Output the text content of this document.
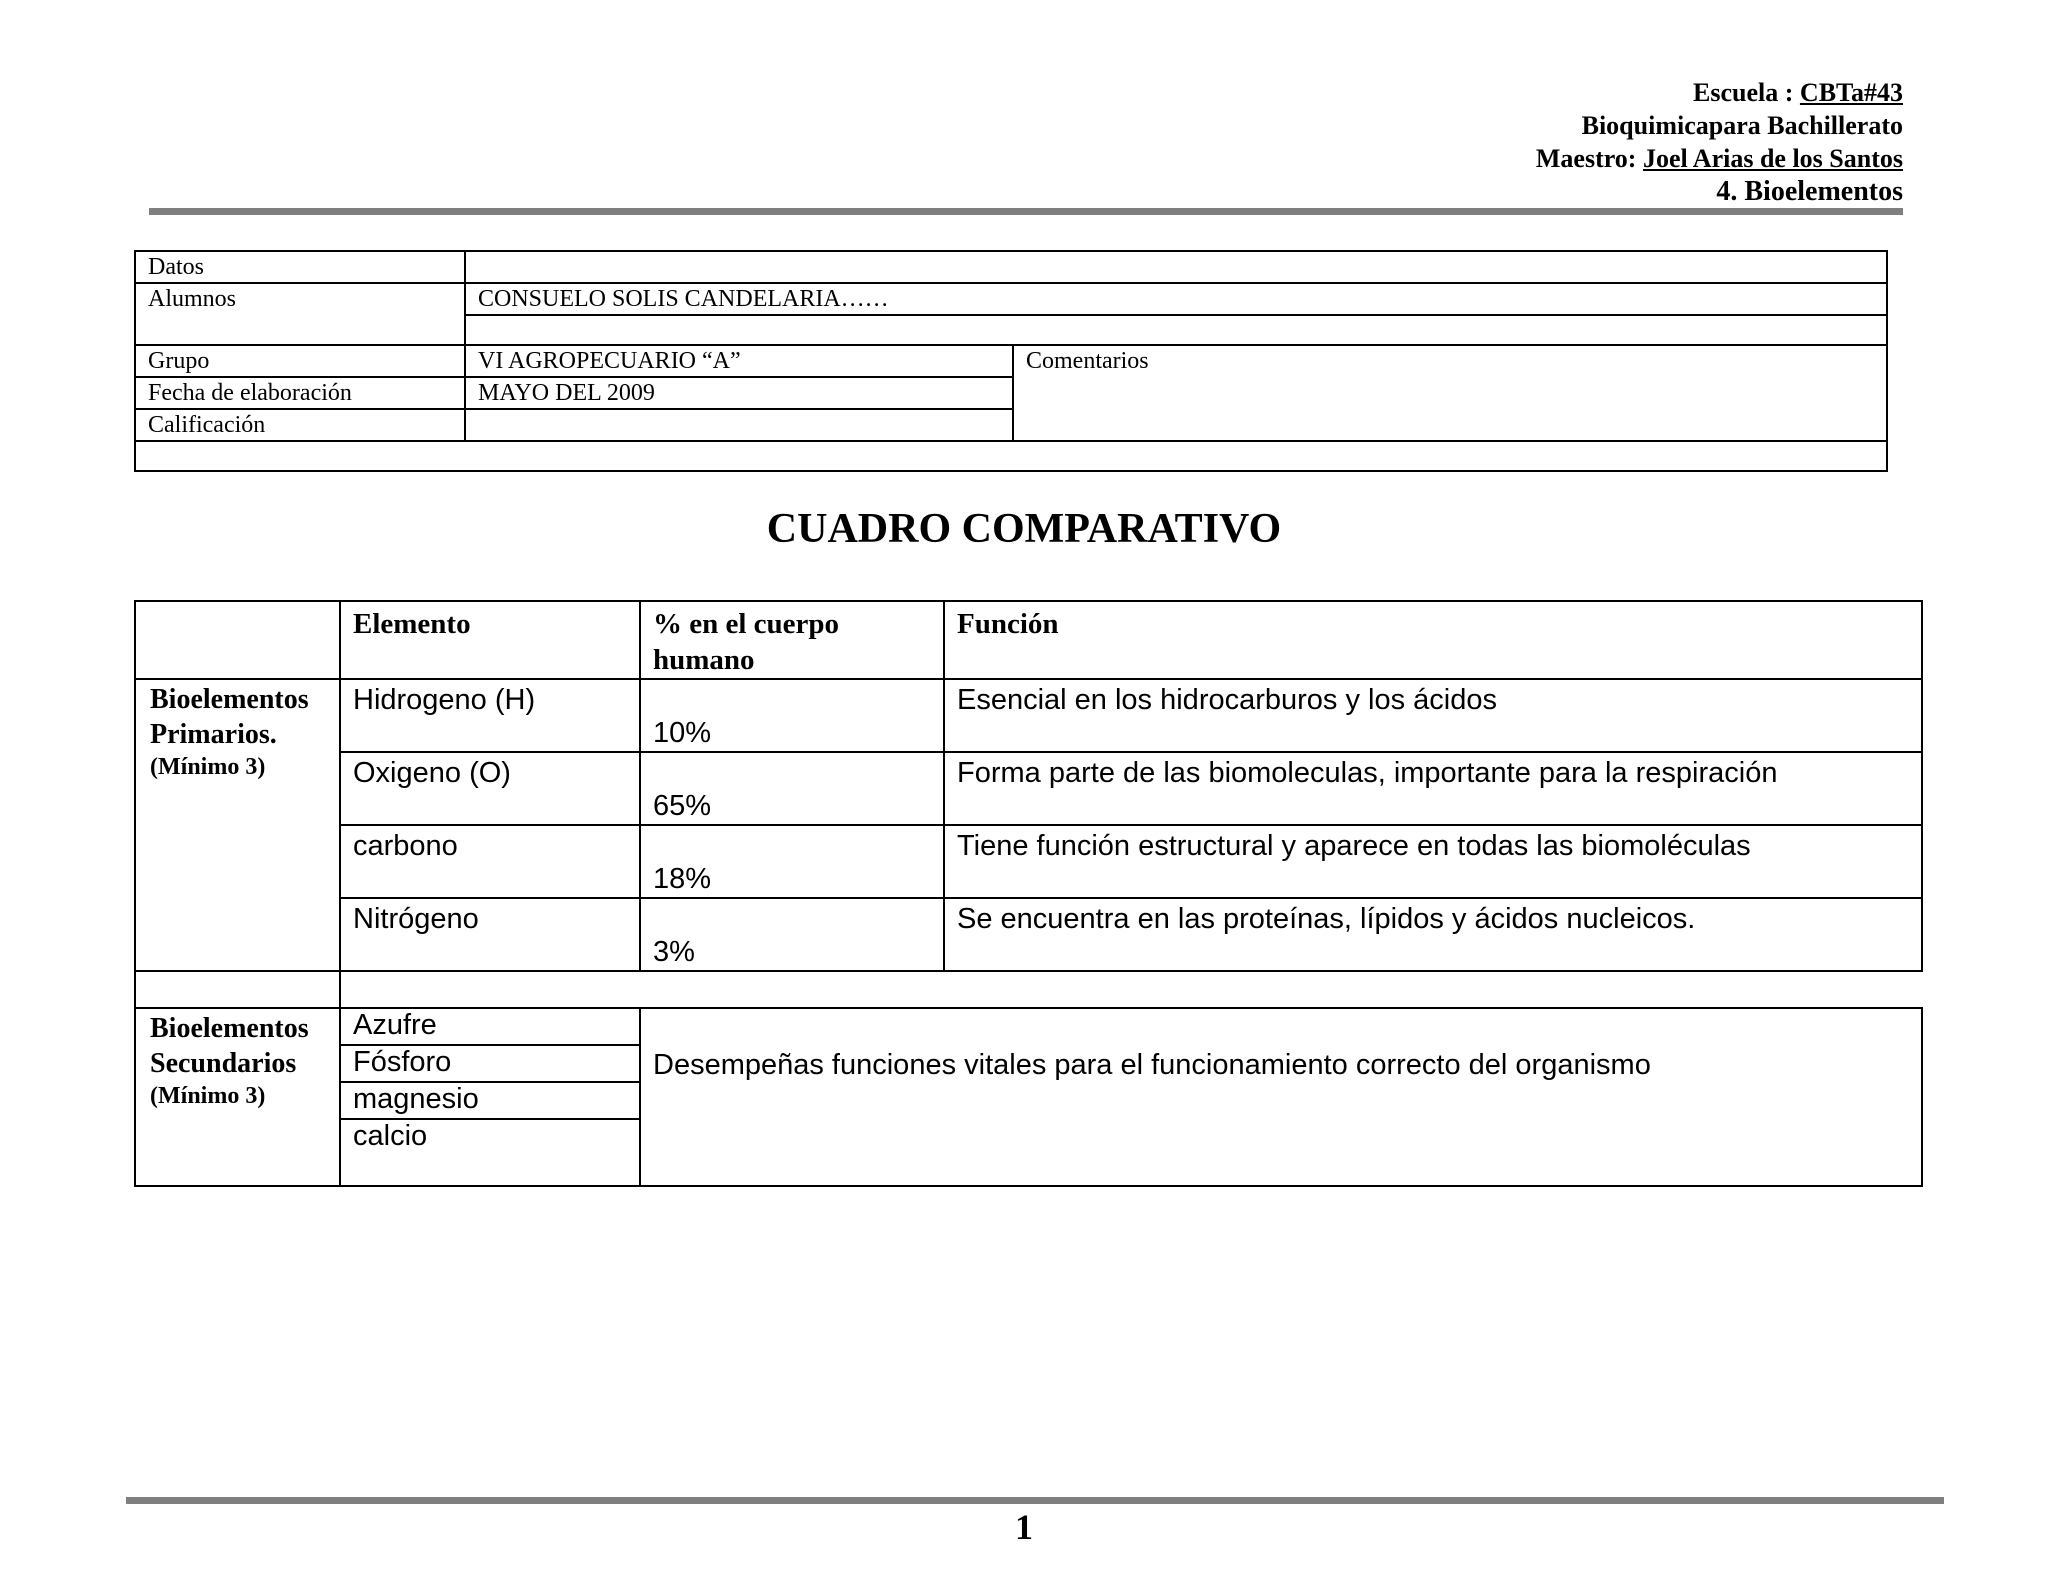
Escuela : CBTa#43
Bioquimicapara Bachillerato
Maestro: Joel Arias de los Santos
4. Bioelementos
Datos		
Alumnos	CONSUELO SOLIS CANDELARIA……	

Grupo	VI AGROPECUARIO “A”	Comentarios
Fecha de elaboración	MAYO DEL 2009	
Calificación		

CUADRO COMPARATIVO
	Elemento	% en el cuerpo humano	Función

Bioelementos
Primarios.
(Mínimo 3)	Hidrogeno (H)	10%	Esencial en los hidrocarburos y los ácidos
	Oxigeno (O)	65%	Forma parte de las biomoleculas, importante para la respiración
	carbono	18%	Tiene función estructural y aparece en todas las biomoléculas
	Nitrógeno	3%	Se encuentra en las proteínas, lípidos y ácidos nucleicos.

Bioelementos
Secundarios
(Mínimo 3)	Azufre	Desempeñas funciones vitales para el funcionamiento correcto del organismo	
	Fósforo		
	magnesio		
	calcio		
1
